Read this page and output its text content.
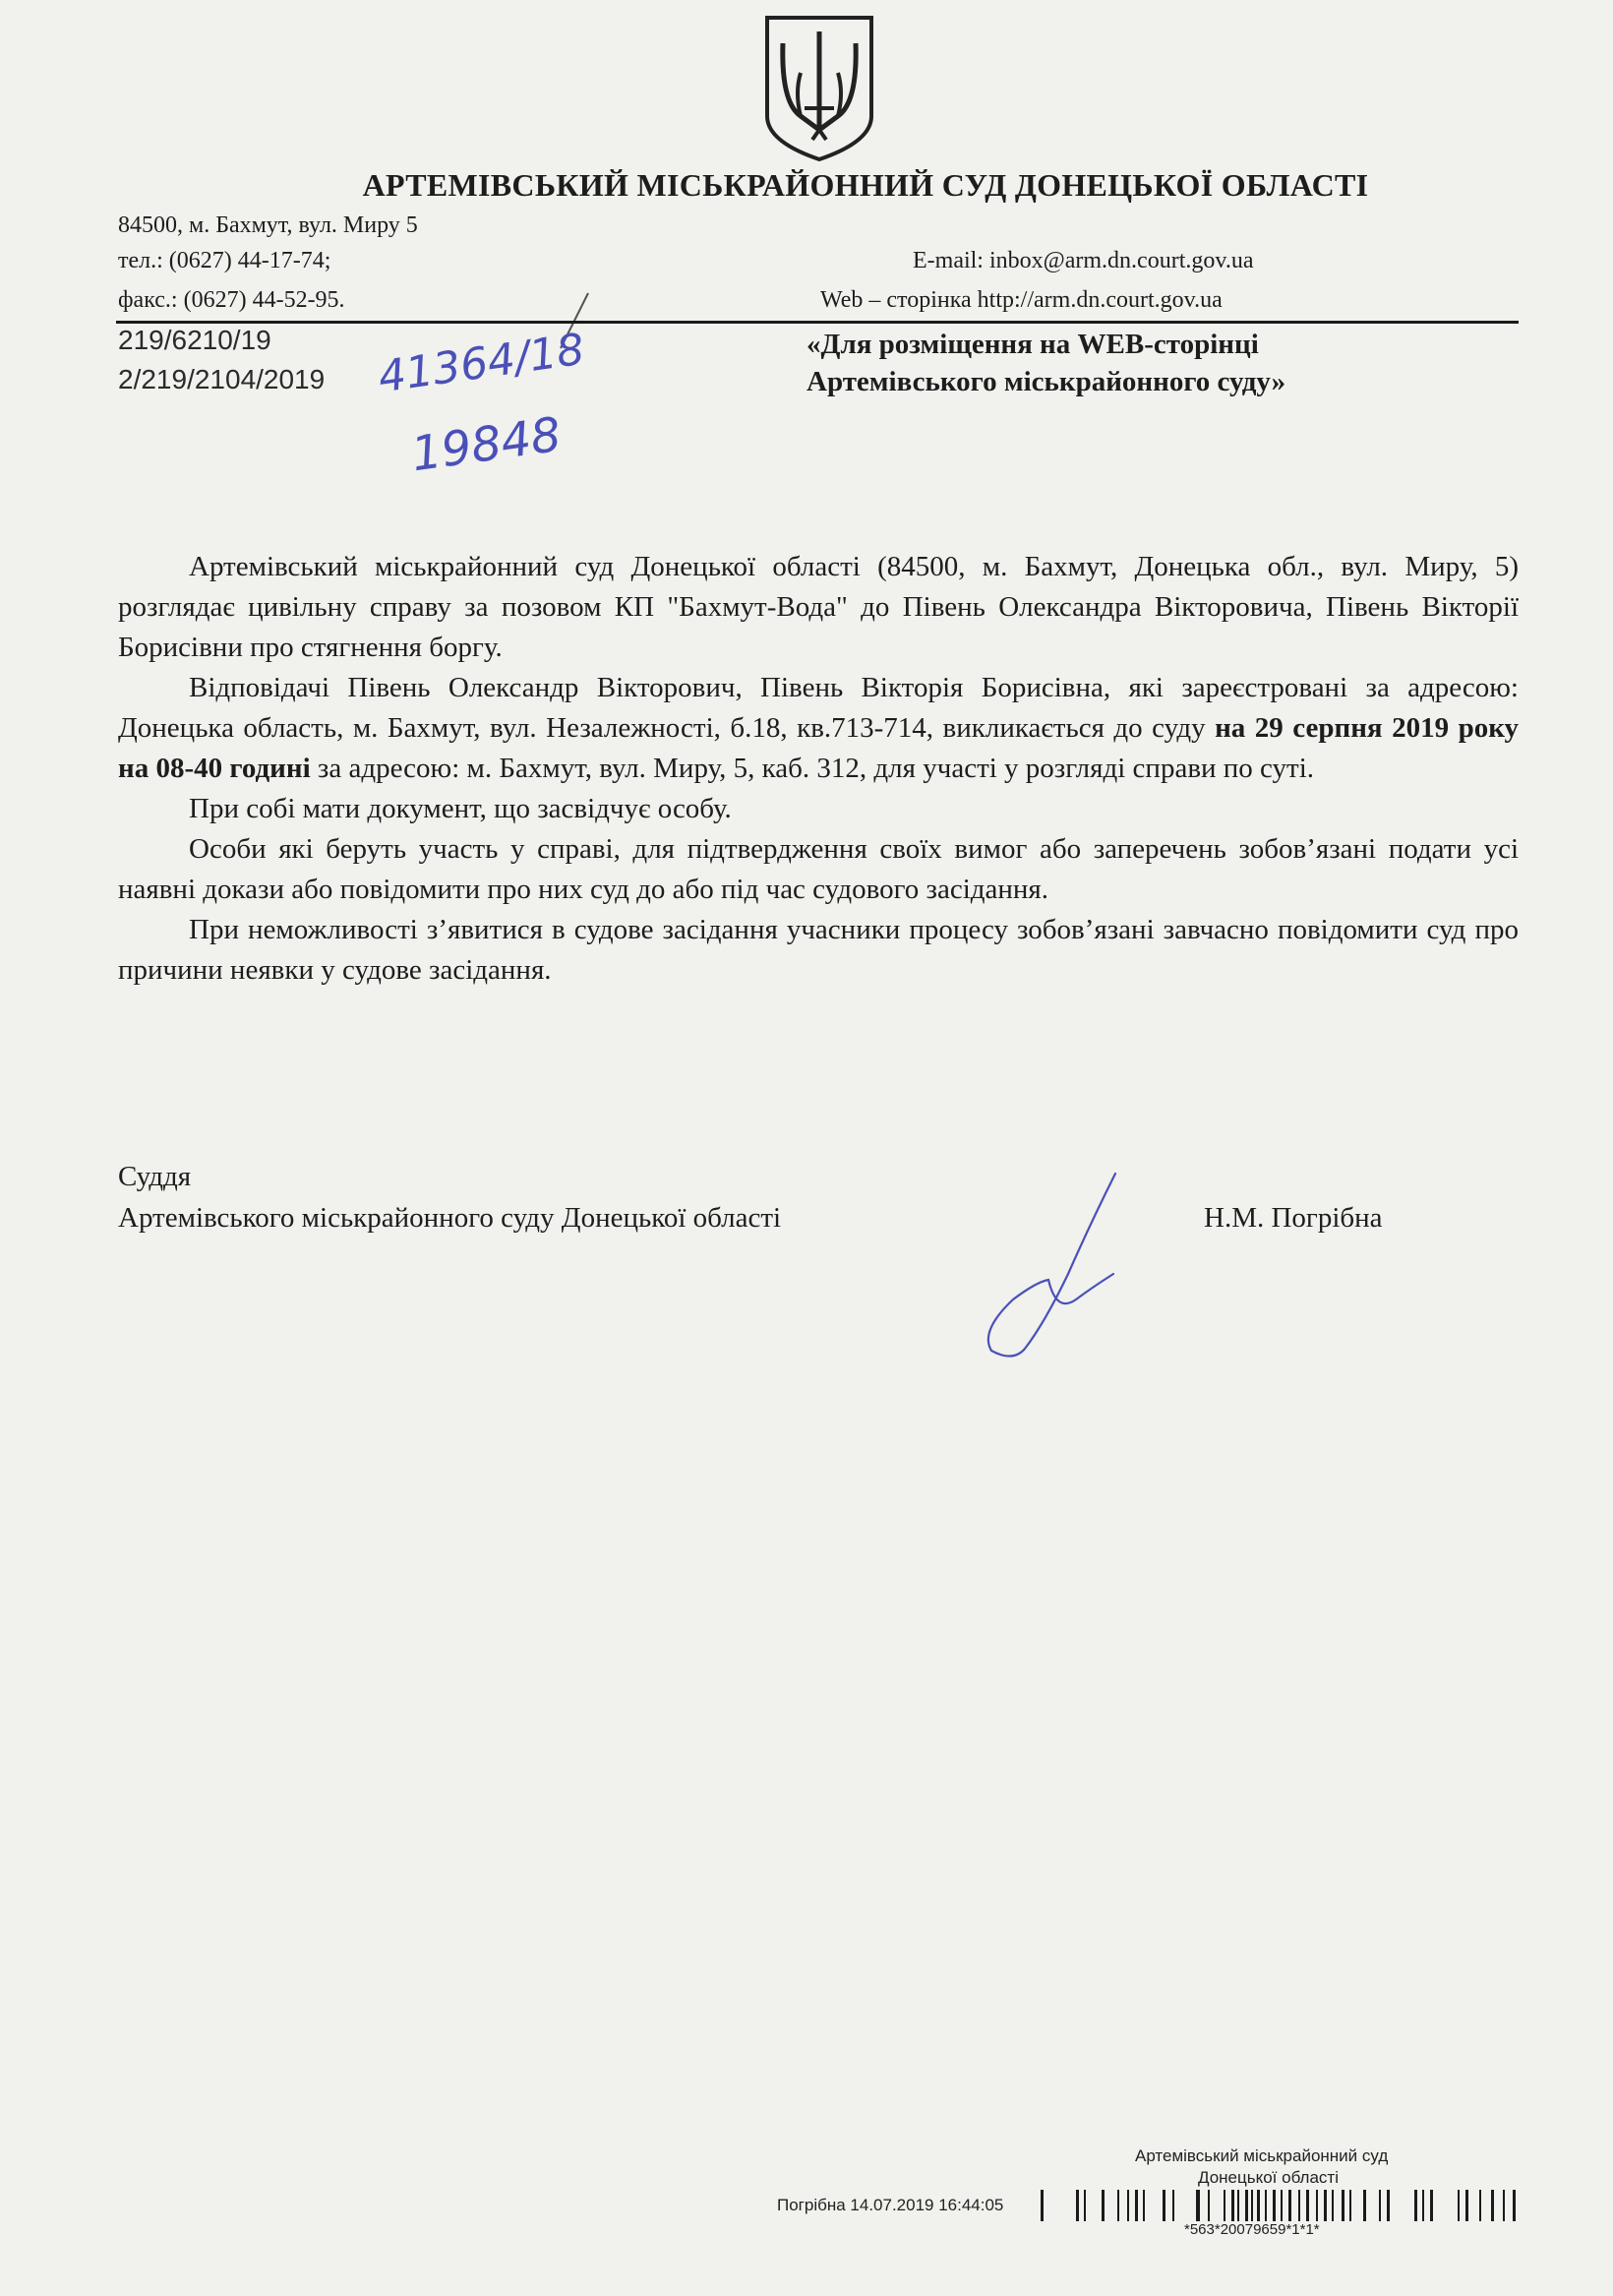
АРТЕМІВСЬКИЙ МІСЬКРАЙОННИЙ СУД ДОНЕЦЬКОЇ ОБЛАСТІ
84500, м. Бахмут, вул. Миру 5
тел.: (0627) 44-17-74;
факс.: (0627) 44-52-95.
E-mail: inbox@arm.dn.court.gov.ua
Web – сторінка http://arm.dn.court.gov.ua
219/6210/19
2/219/2104/2019 41364/18
19848
«Для розміщення на WEB-сторінці
Артемівського міськрайонного суду»

Артемівський міськрайонний суд Донецької області (84500, м. Бахмут, Донецька обл., вул. Миру, 5) розглядає цивільну справу за позовом КП "Бахмут-Вода" до Півень Олександра Вікторовича, Півень Вікторії Борисівни про стягнення боргу.

Відповідачі Півень Олександр Вікторович, Півень Вікторія Борисівна, які зареєстровані за адресою: Донецька область, м. Бахмут, вул. Незалежності, б.18, кв.713-714, викликається до суду на 29 серпня 2019 року на 08-40 годині за адресою: м. Бахмут, вул. Миру, 5, каб. 312, для участі у розгляді справи по суті.

При собі мати документ, що засвідчує особу.

Особи які беруть участь у справі, для підтвердження своїх вимог або заперечень зобов’язані подати усі наявні докази або повідомити про них суд до або під час судового засідання.

При неможливості з’явитися в судове засідання учасники процесу зобов’язані завчасно повідомити суд про причини неявки у судове засідання.

Суддя
Артемівського міськрайонного суду Донецької області	Н.М. Погрібна
Артемівський міськрайонний суд
Донецької області
Погрібна 14.07.2019 16:44:05
*563*20079659*1*1*
